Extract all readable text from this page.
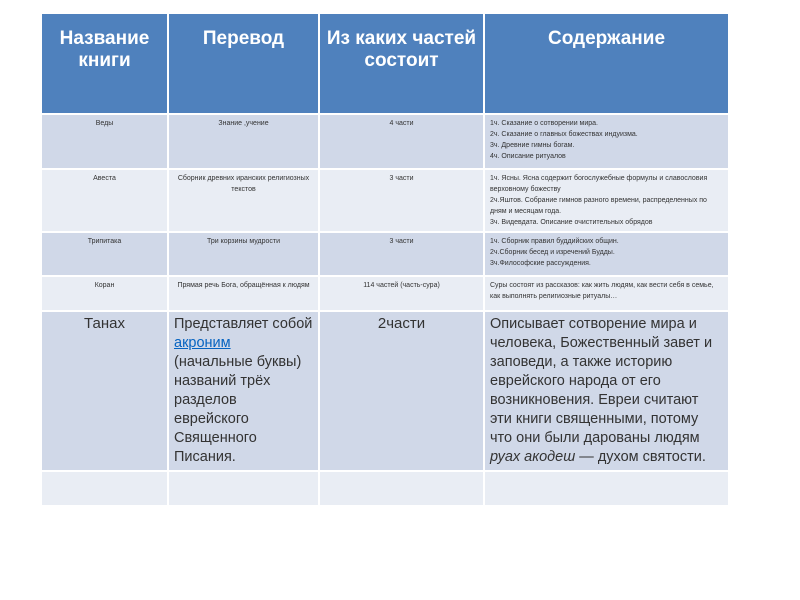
Название книги	Перевод	Из каких частей состоит	Содержание
Веды	Знание ,учение	4 части	1ч. Сказание о сотворении мира.
2ч. Сказание о главных божествах индуизма.
3ч. Древние гимны богам.
4ч. Описание ритуалов

Авеста	Сборник древних иранских религиозных текстов	3 части	1ч. Ясны. Ясна содержит богослужебные формулы и славословия верховному божеству
2ч.Яштов. Собрание гимнов разного времени, распределенных по дням и месяцам года.
3ч. Видевдата. Описание очистительных обрядов

Трипитака	Три корзины мудрости	3 части	1ч. Сборник правил буддийских общин.
2ч.Сборник бесед и изречений Будды.
3ч.Философские рассуждения.

Коран	Прямая речь Бога, обращённая к людям	114 частей (часть-сура)	Суры состоят из рассказов: как жить людям, как вести себя в семье, как выполнять религиозные ритуалы…
Танах	Представляет собой акроним (начальные буквы) названий трёх разделов еврейского Священного Писания.	2части	Описывает сотворение мира и человека, Божественный завет и заповеди, а также историю еврейского народа от его возникновения. Евреи считают эти книги священными, потому что они были дарованы людям руах акодеш — духом святости.
